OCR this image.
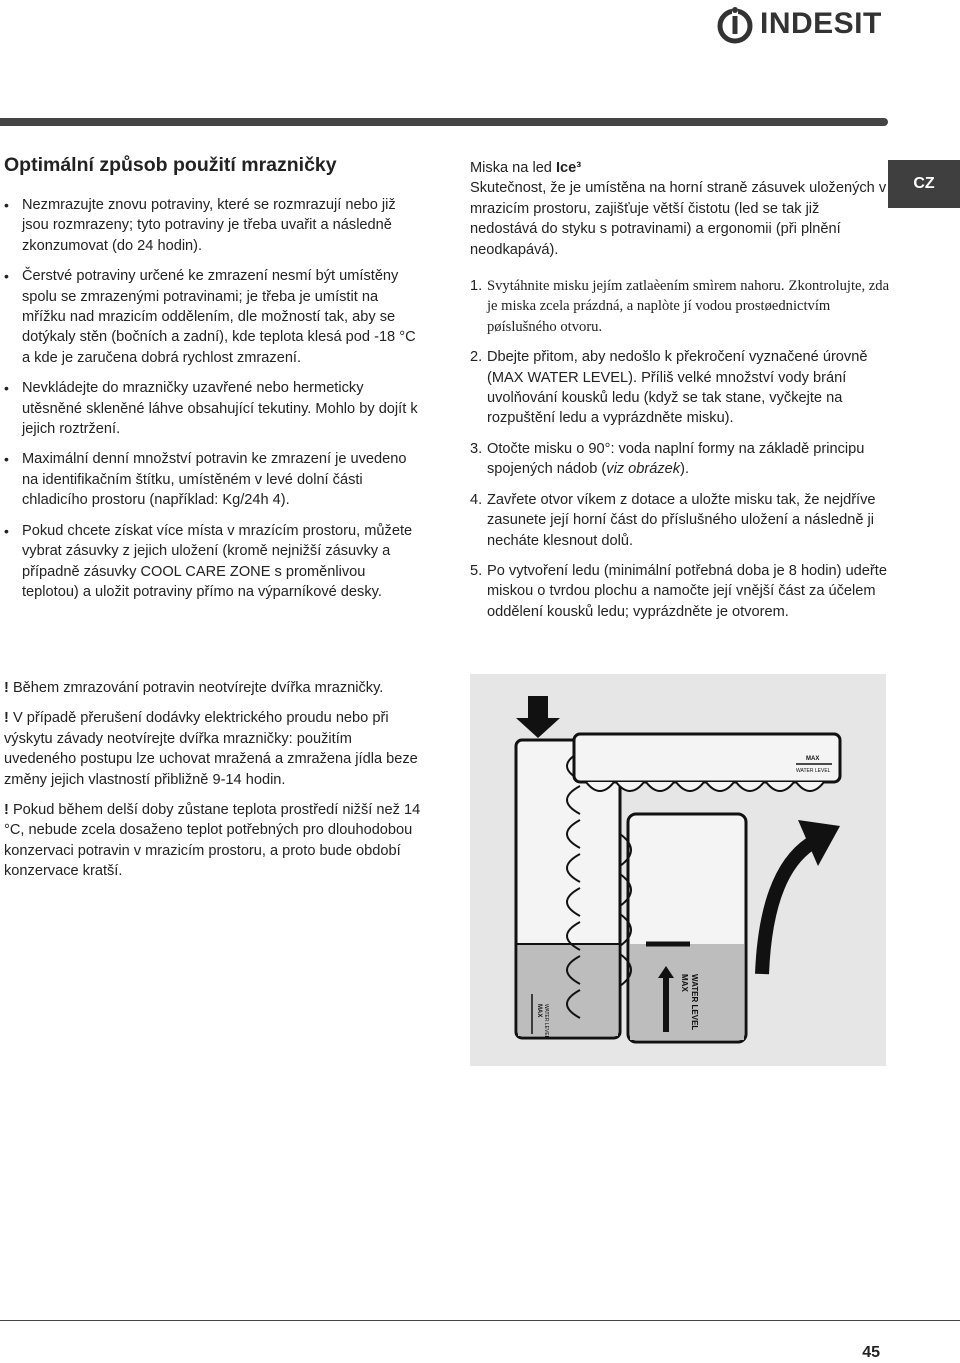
INDESIT
CZ
Optimální způsob použití mrazničky
• Nezmrazujte znovu potraviny, které se rozmrazují nebo již jsou rozmrazeny; tyto potraviny je třeba uvařit a následně zkonzumovat (do 24 hodin).
• Čerstvé potraviny určené ke zmrazení nesmí být umístěny spolu se zmrazenými potravinami; je třeba je umístit na mřížku nad mrazicím oddělením, dle možností tak, aby se dotýkaly stěn (bočních a zadní), kde teplota klesá pod -18 °C a kde je zaručena dobrá rychlost zmrazení.
• Nevkládejte do mrazničky uzavřené nebo hermeticky utěsněné skleněné láhve obsahující tekutiny. Mohlo by dojít k jejich roztržení.
• Maximální denní množství potravin ke zmrazení je uvedeno na identifikačním štítku, umístěném v levé dolní části chladicího prostoru (například: Kg/24h 4).
• Pokud chcete získat více místa v mrazícím prostoru, můžete vybrat zásuvky z jejich uložení (kromě nejnižší zásuvky a případně zásuvky COOL CARE ZONE s proměnlivou teplotou) a uložit potraviny přímo na výparníkové desky.

! Během zmrazování potravin neotvírejte dvířka mrazničky.

! V případě přerušení dodávky elektrického proudu nebo při výskytu závady neotvírejte dvířka mrazničky: použitím uvedeného postupu lze uchovat mražená a zmražena jídla beze změny jejich vlastností přibližně 9-14 hodin.

! Pokud během delší doby zůstane teplota prostředí nižší než 14 °C, nebude zcela dosaženo teplot potřebných pro dlouhodobou konzervaci potravin v mrazicím prostoru, a proto bude období konzervace kratší.

Miska na led Ice³

Skutečnost, že je umístěna na horní straně zásuvek uložených v mrazicím prostoru, zajišťuje větší čistotu (led se tak již nedostává do styku s potravinami) a ergonomii (při plnění neodkapává).

1. Svytáhnite misku jejím zatlaèením smìrem nahoru. Zkontrolujte, zda je miska zcela prázdná, a naplòte jí vodou prostøednictvím pøíslušného otvoru.
2. Dbejte přitom, aby nedošlo k překročení vyznačené úrovně (MAX WATER LEVEL). Příliš velké množství vody brání uvolňování kousků ledu (když se tak stane, vyčkejte na rozpuštění ledu a vyprázdněte misku).
3. Otočte misku o 90°: voda naplní formy na základě principu spojených nádob (viz obrázek).
4. Zavřete otvor víkem z dotace a uložte misku tak, že nejdříve zasunete její horní část do příslušného uložení a následně ji necháte klesnout dolů.
5. Po vytvoření ledu (minimální potřebná doba je 8 hodin) udeřte miskou o tvrdou plochu a namočte její vnější část za účelem oddělení kousků ledu; vyprázdněte je otvorem.
MAX WATER LEVEL
MAX
WATER LEVEL
MAX WATER LEVEL
45
